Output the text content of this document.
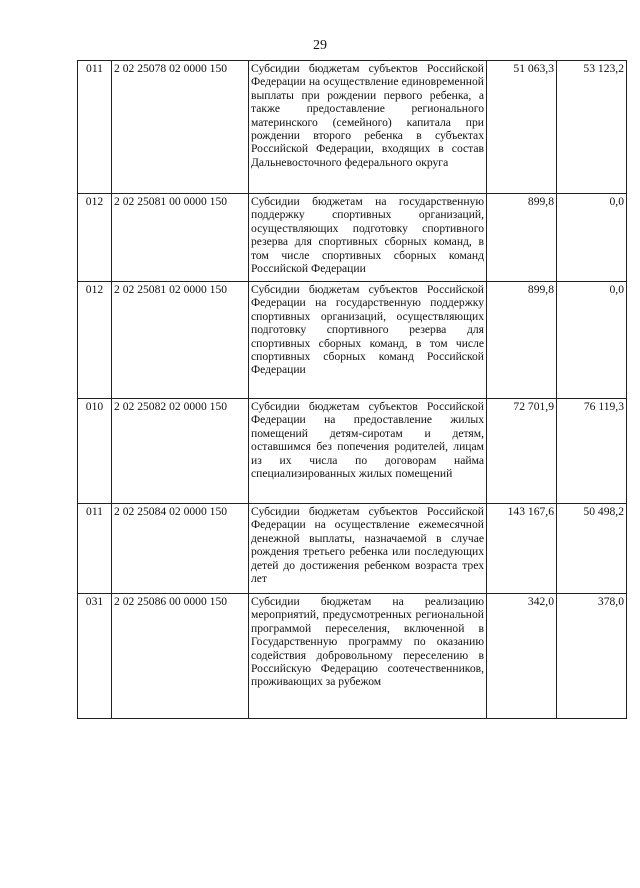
29
011	2 02 25078 02 0000 150	Субсидии бюджетам субъектов Российской Федерации на осуществление единовременной выплаты при рождении первого ребенка, а также предоставление регионального материнского (семейного) капитала при рождении второго ребенка в субъектах Российской Федерации, входящих в состав Дальневосточного федерального округа	51 063,3	53 123,2
012	2 02 25081 00 0000 150	Субсидии бюджетам на государственную поддержку спортивных организаций, осуществляющих подготовку спортивного резерва для спортивных сборных команд, в том числе спортивных сборных команд Российской Федерации	899,8	0,0
012	2 02 25081 02 0000 150	Субсидии бюджетам субъектов Российской Федерации на государственную поддержку спортивных организаций, осуществляющих подготовку спортивного резерва для спортивных сборных команд, в том числе спортивных сборных команд Российской Федерации	899,8	0,0
010	2 02 25082 02 0000 150	Субсидии бюджетам субъектов Российской Федерации на предоставление жилых помещений детям-сиротам и детям, оставшимся без попечения родителей, лицам из их числа по договорам найма специализированных жилых помещений	72 701,9	76 119,3
011	2 02 25084 02 0000 150	Субсидии бюджетам субъектов Российской Федерации на осуществление ежемесячной денежной выплаты, назначаемой в случае рождения третьего ребенка или последующих детей до достижения ребенком возраста трех лет	143 167,6	50 498,2
031	2 02 25086 00 0000 150	Субсидии бюджетам на реализацию мероприятий, предусмотренных региональной программой переселения, включенной в Государственную программу по оказанию содействия добровольному переселению в Российскую Федерацию соотечественников, проживающих за рубежом	342,0	378,0
